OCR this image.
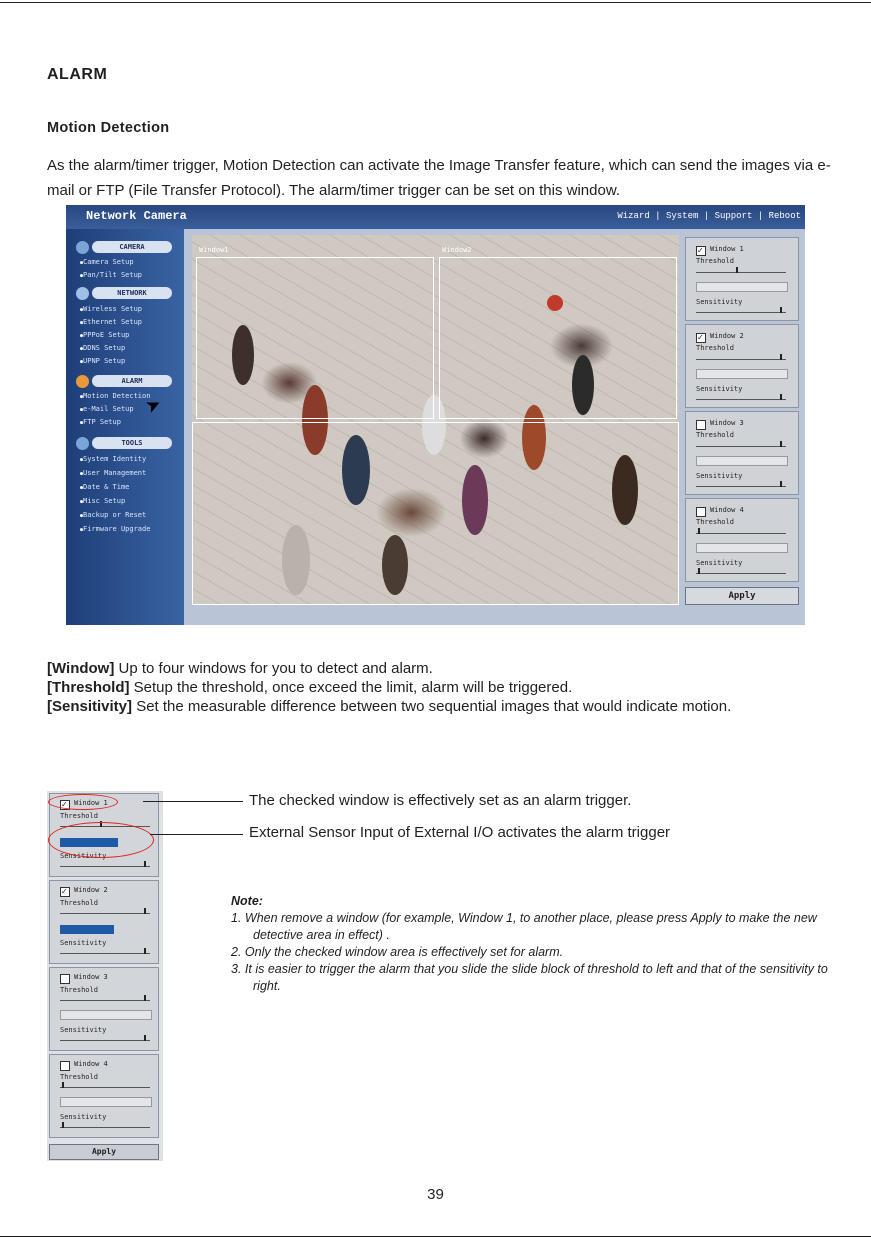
ALARM
Motion Detection

As the alarm/timer trigger, Motion Detection can activate the Image Transfer feature, which can send the images via e-mail or FTP (File Transfer Protocol). The alarm/timer trigger can be set on this window.

Network Camera	Wizard | System | Support | Reboot
CAMERA
● Camera Setup
● Pan/Tilt Setup
NETWORK
● Wireless Setup
● Ethernet Setup
● PPPoE Setup
● DDNS Setup
● UPNP Setup
ALARM
● Motion Detection
● e-Mail Setup
● FTP Setup
TOOLS
● System Identity
● User Management
● Date & Time
● Misc Setup
● Backup or Reset
● Firmware Upgrade
➤
Window1	Window2	✓ Window 1
Threshold
Sensitivity
✓ Window 2
Threshold
Sensitivity
Window 3
Threshold
Sensitivity
Window 4
Threshold
Sensitivity
Apply
[Window] Up to four windows for you to detect and alarm.
[Threshold] Setup the threshold, once exceed the limit, alarm will be triggered.
[Sensitivity] Set the measurable difference between two sequential images that would indicate motion.
✓ Window 1
Threshold
Sensitivity
✓ Window 2
Threshold
Sensitivity
Window 3
Threshold
Sensitivity
Window 4
Threshold
Sensitivity
Apply
The checked window is effectively set as an alarm trigger.
External Sensor Input of External I/O activates the alarm trigger
Note:
1. When remove a window (for example, Window 1, to another place, please press Apply to make the new detective area in effect) .
2. Only the checked window area is effectively set for alarm.
3. It is easier to trigger the alarm that you slide the slide block of threshold to left and that of the sensitivity to right.
39
